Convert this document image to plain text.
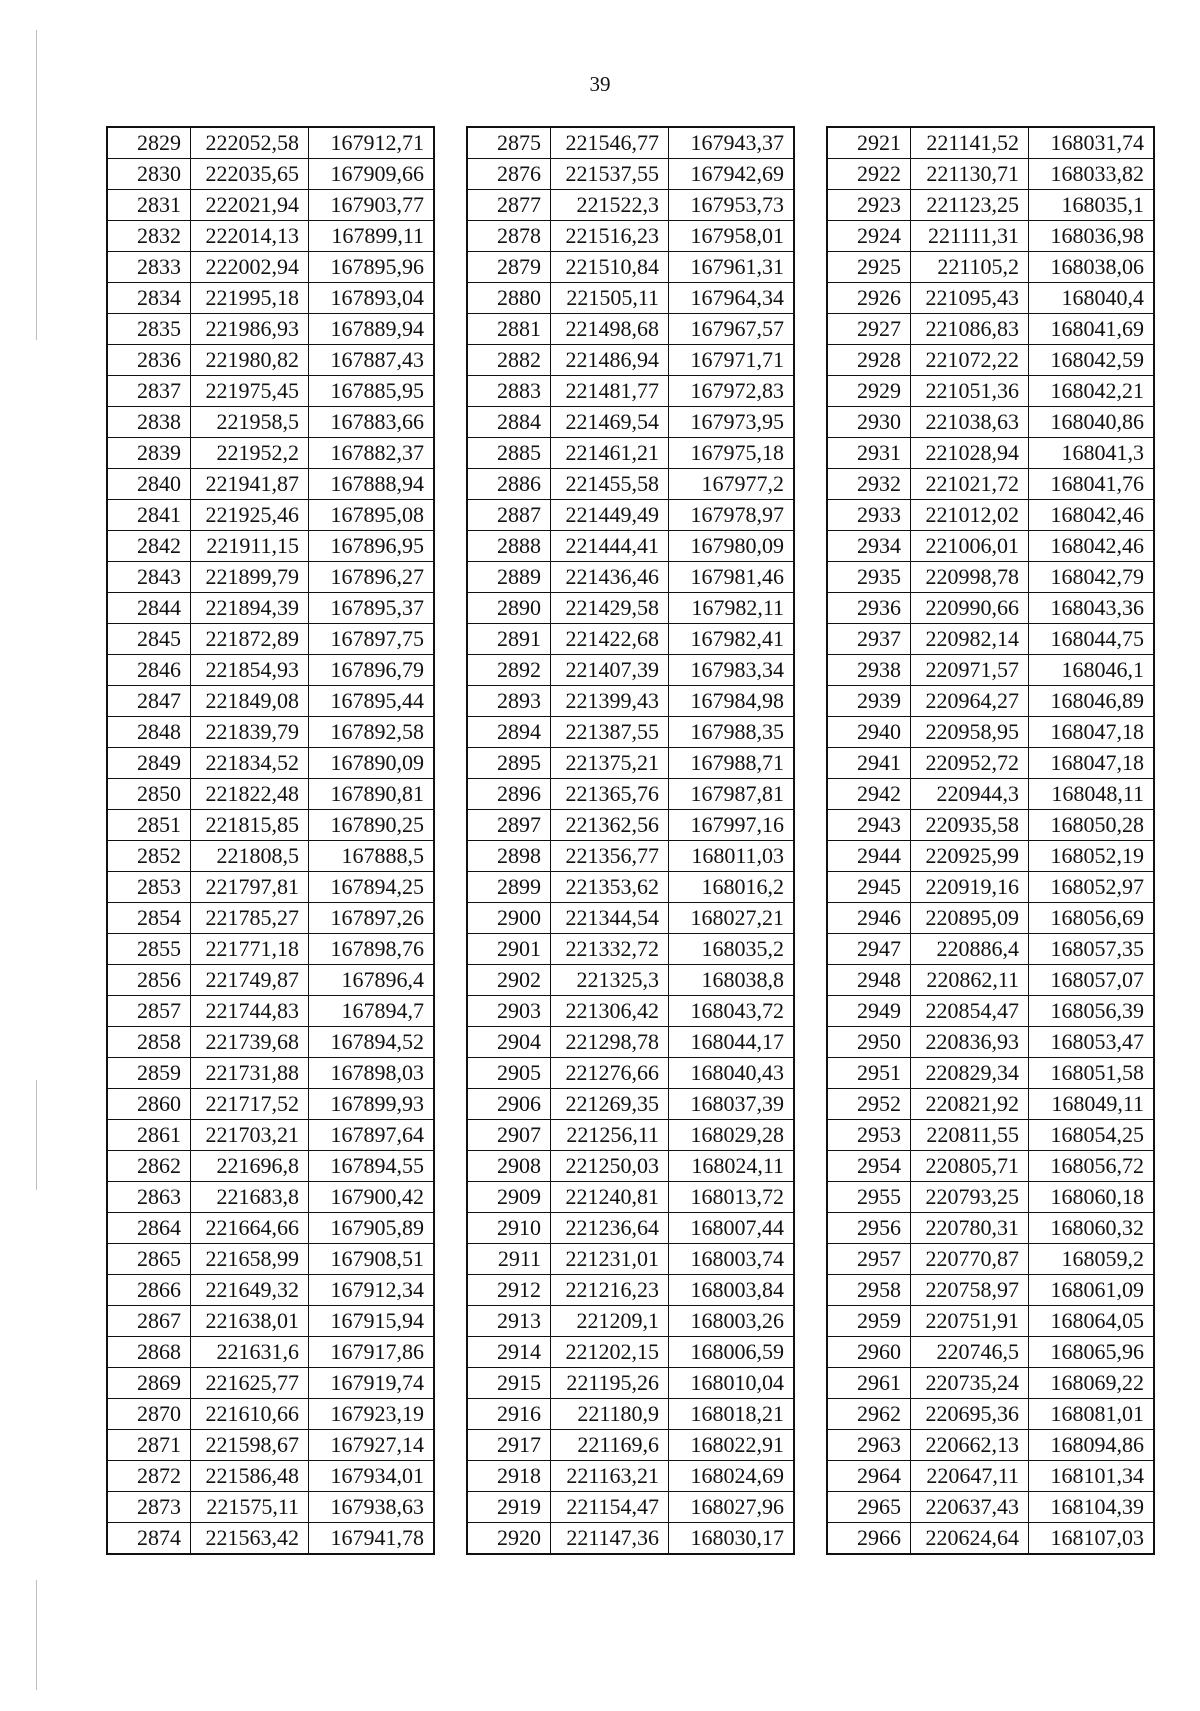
39
2829	222052,58	167912,71
2830	222035,65	167909,66
2831	222021,94	167903,77
2832	222014,13	167899,11
2833	222002,94	167895,96
2834	221995,18	167893,04
2835	221986,93	167889,94
2836	221980,82	167887,43
2837	221975,45	167885,95
2838	221958,5	167883,66
2839	221952,2	167882,37
2840	221941,87	167888,94
2841	221925,46	167895,08
2842	221911,15	167896,95
2843	221899,79	167896,27
2844	221894,39	167895,37
2845	221872,89	167897,75
2846	221854,93	167896,79
2847	221849,08	167895,44
2848	221839,79	167892,58
2849	221834,52	167890,09
2850	221822,48	167890,81
2851	221815,85	167890,25
2852	221808,5	167888,5
2853	221797,81	167894,25
2854	221785,27	167897,26
2855	221771,18	167898,76
2856	221749,87	167896,4
2857	221744,83	167894,7
2858	221739,68	167894,52
2859	221731,88	167898,03
2860	221717,52	167899,93
2861	221703,21	167897,64
2862	221696,8	167894,55
2863	221683,8	167900,42
2864	221664,66	167905,89
2865	221658,99	167908,51
2866	221649,32	167912,34
2867	221638,01	167915,94
2868	221631,6	167917,86
2869	221625,77	167919,74
2870	221610,66	167923,19
2871	221598,67	167927,14
2872	221586,48	167934,01
2873	221575,11	167938,63
2874	221563,42	167941,78
2875	221546,77	167943,37
2876	221537,55	167942,69
2877	221522,3	167953,73
2878	221516,23	167958,01
2879	221510,84	167961,31
2880	221505,11	167964,34
2881	221498,68	167967,57
2882	221486,94	167971,71
2883	221481,77	167972,83
2884	221469,54	167973,95
2885	221461,21	167975,18
2886	221455,58	167977,2
2887	221449,49	167978,97
2888	221444,41	167980,09
2889	221436,46	167981,46
2890	221429,58	167982,11
2891	221422,68	167982,41
2892	221407,39	167983,34
2893	221399,43	167984,98
2894	221387,55	167988,35
2895	221375,21	167988,71
2896	221365,76	167987,81
2897	221362,56	167997,16
2898	221356,77	168011,03
2899	221353,62	168016,2
2900	221344,54	168027,21
2901	221332,72	168035,2
2902	221325,3	168038,8
2903	221306,42	168043,72
2904	221298,78	168044,17
2905	221276,66	168040,43
2906	221269,35	168037,39
2907	221256,11	168029,28
2908	221250,03	168024,11
2909	221240,81	168013,72
2910	221236,64	168007,44
2911	221231,01	168003,74
2912	221216,23	168003,84
2913	221209,1	168003,26
2914	221202,15	168006,59
2915	221195,26	168010,04
2916	221180,9	168018,21
2917	221169,6	168022,91
2918	221163,21	168024,69
2919	221154,47	168027,96
2920	221147,36	168030,17
2921	221141,52	168031,74
2922	221130,71	168033,82
2923	221123,25	168035,1
2924	221111,31	168036,98
2925	221105,2	168038,06
2926	221095,43	168040,4
2927	221086,83	168041,69
2928	221072,22	168042,59
2929	221051,36	168042,21
2930	221038,63	168040,86
2931	221028,94	168041,3
2932	221021,72	168041,76
2933	221012,02	168042,46
2934	221006,01	168042,46
2935	220998,78	168042,79
2936	220990,66	168043,36
2937	220982,14	168044,75
2938	220971,57	168046,1
2939	220964,27	168046,89
2940	220958,95	168047,18
2941	220952,72	168047,18
2942	220944,3	168048,11
2943	220935,58	168050,28
2944	220925,99	168052,19
2945	220919,16	168052,97
2946	220895,09	168056,69
2947	220886,4	168057,35
2948	220862,11	168057,07
2949	220854,47	168056,39
2950	220836,93	168053,47
2951	220829,34	168051,58
2952	220821,92	168049,11
2953	220811,55	168054,25
2954	220805,71	168056,72
2955	220793,25	168060,18
2956	220780,31	168060,32
2957	220770,87	168059,2
2958	220758,97	168061,09
2959	220751,91	168064,05
2960	220746,5	168065,96
2961	220735,24	168069,22
2962	220695,36	168081,01
2963	220662,13	168094,86
2964	220647,11	168101,34
2965	220637,43	168104,39
2966	220624,64	168107,03
